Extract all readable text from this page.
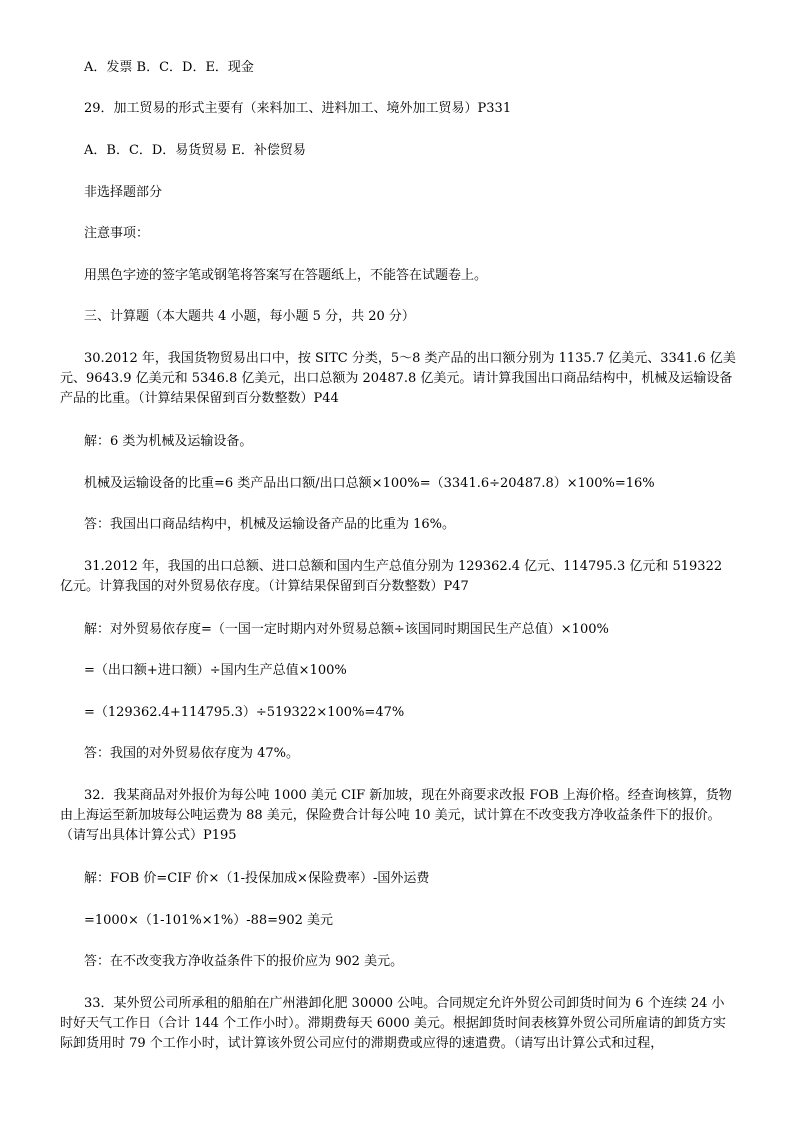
A．发票 B．C．D．E．现金

29．加工贸易的形式主要有（来料加工、进料加工、境外加工贸易）P331

A．B．C．D．易货贸易 E．补偿贸易

非选择题部分

注意事项：

用黑色字迹的签字笔或钢笔将答案写在答题纸上，不能答在试题卷上。

三、计算题（本大题共 4 小题，每小题 5 分，共 20 分）

30.2012 年，我国货物贸易出口中，按 SITC 分类，5～8 类产品的出口额分别为 1135.7 亿美元、3341.6 亿美元、9643.9 亿美元和 5346.8 亿美元，出口总额为 20487.8 亿美元。请计算我国出口商品结构中，机械及运输设备产品的比重。（计算结果保留到百分数整数）P44

解：6 类为机械及运输设备。

机械及运输设备的比重=6 类产品出口额/出口总额×100%=（3341.6÷20487.8）×100%=16%

答：我国出口商品结构中，机械及运输设备产品的比重为 16%。

31.2012 年，我国的出口总额、进口总额和国内生产总值分别为 129362.4 亿元、114795.3 亿元和 519322 亿元。计算我国的对外贸易依存度。（计算结果保留到百分数整数）P47

解：对外贸易依存度=（一国一定时期内对外贸易总额÷该国同时期国民生产总值）×100%

=（出口额+进口额）÷国内生产总值×100%

=（129362.4+114795.3）÷519322×100%=47%

答：我国的对外贸易依存度为 47%。

32．我某商品对外报价为每公吨 1000 美元 CIF 新加坡，现在外商要求改报 FOB 上海价格。经查询核算，货物由上海运至新加坡每公吨运费为 88 美元，保险费合计每公吨 10 美元，试计算在不改变我方净收益条件下的报价。（请写出具体计算公式）P195

解：FOB 价=CIF 价×（1-投保加成×保险费率）-国外运费

=1000×（1-101%×1%）-88=902 美元

答：在不改变我方净收益条件下的报价应为 902 美元。

33．某外贸公司所承租的船舶在广州港卸化肥 30000 公吨。合同规定允许外贸公司卸货时间为 6 个连续 24 小时好天气工作日（合计 144 个工作小时）。滞期费每天 6000 美元。根据卸货时间表核算外贸公司所雇请的卸货方实际卸货用时 79 个工作小时，试计算该外贸公司应付的滞期费或应得的速遣费。（请写出计算公式和过程，
